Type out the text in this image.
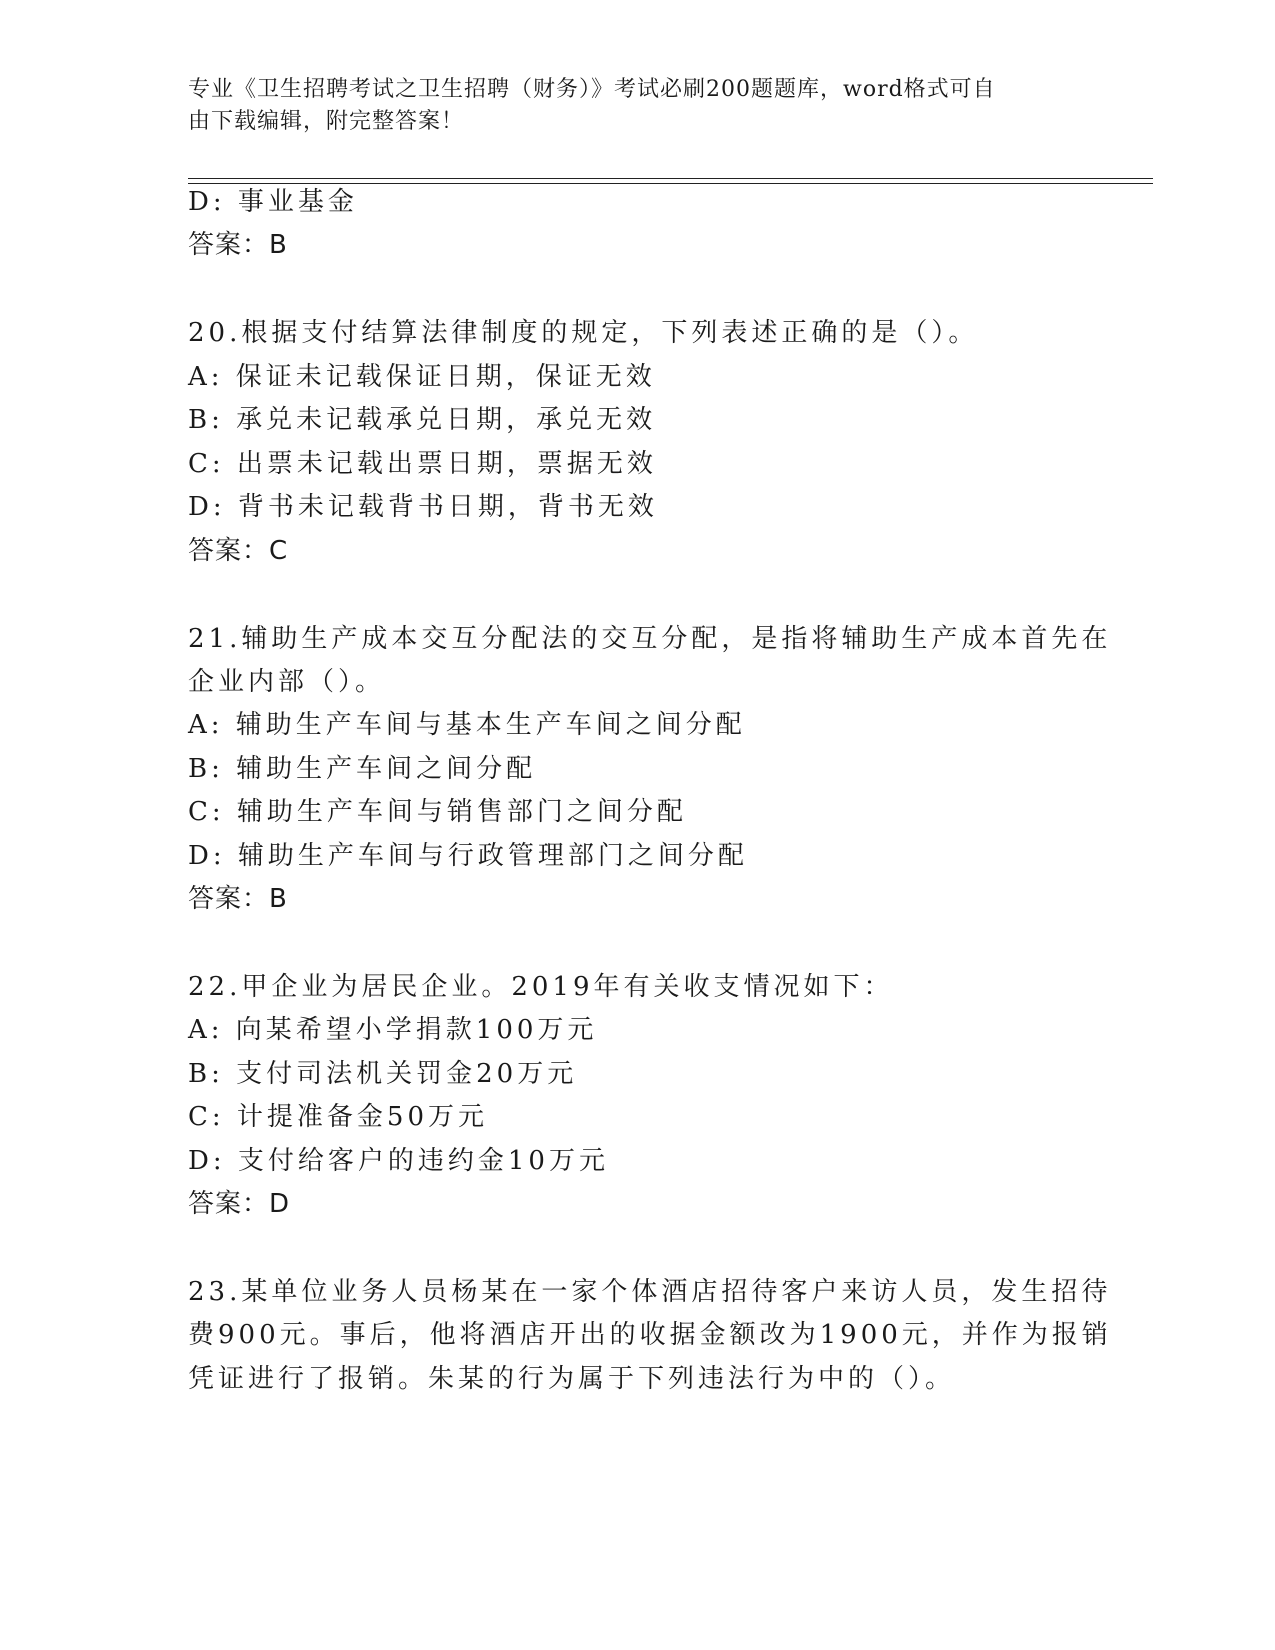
专业《卫生招聘考试之卫生招聘（财务）》考试必刷200题题库，word格式可自
由下载编辑，附完整答案！
D: 事业基金
答案：B
20.根据支付结算法律制度的规定，下列表述正确的是（）。
A: 保证未记载保证日期，保证无效
B: 承兑未记载承兑日期，承兑无效
C: 出票未记载出票日期，票据无效
D: 背书未记载背书日期，背书无效
答案：C
21.辅助生产成本交互分配法的交互分配，是指将辅助生产成本首先在
企业内部（）。
A: 辅助生产车间与基本生产车间之间分配
B: 辅助生产车间之间分配
C: 辅助生产车间与销售部门之间分配
D: 辅助生产车间与行政管理部门之间分配
答案：B
22.甲企业为居民企业。2019年有关收支情况如下：
A: 向某希望小学捐款100万元
B: 支付司法机关罚金20万元
C: 计提准备金50万元
D: 支付给客户的违约金10万元
答案：D
23.某单位业务人员杨某在一家个体酒店招待客户来访人员，发生招待
费900元。事后，他将酒店开出的收据金额改为1900元，并作为报销
凭证进行了报销。朱某的行为属于下列违法行为中的（）。
